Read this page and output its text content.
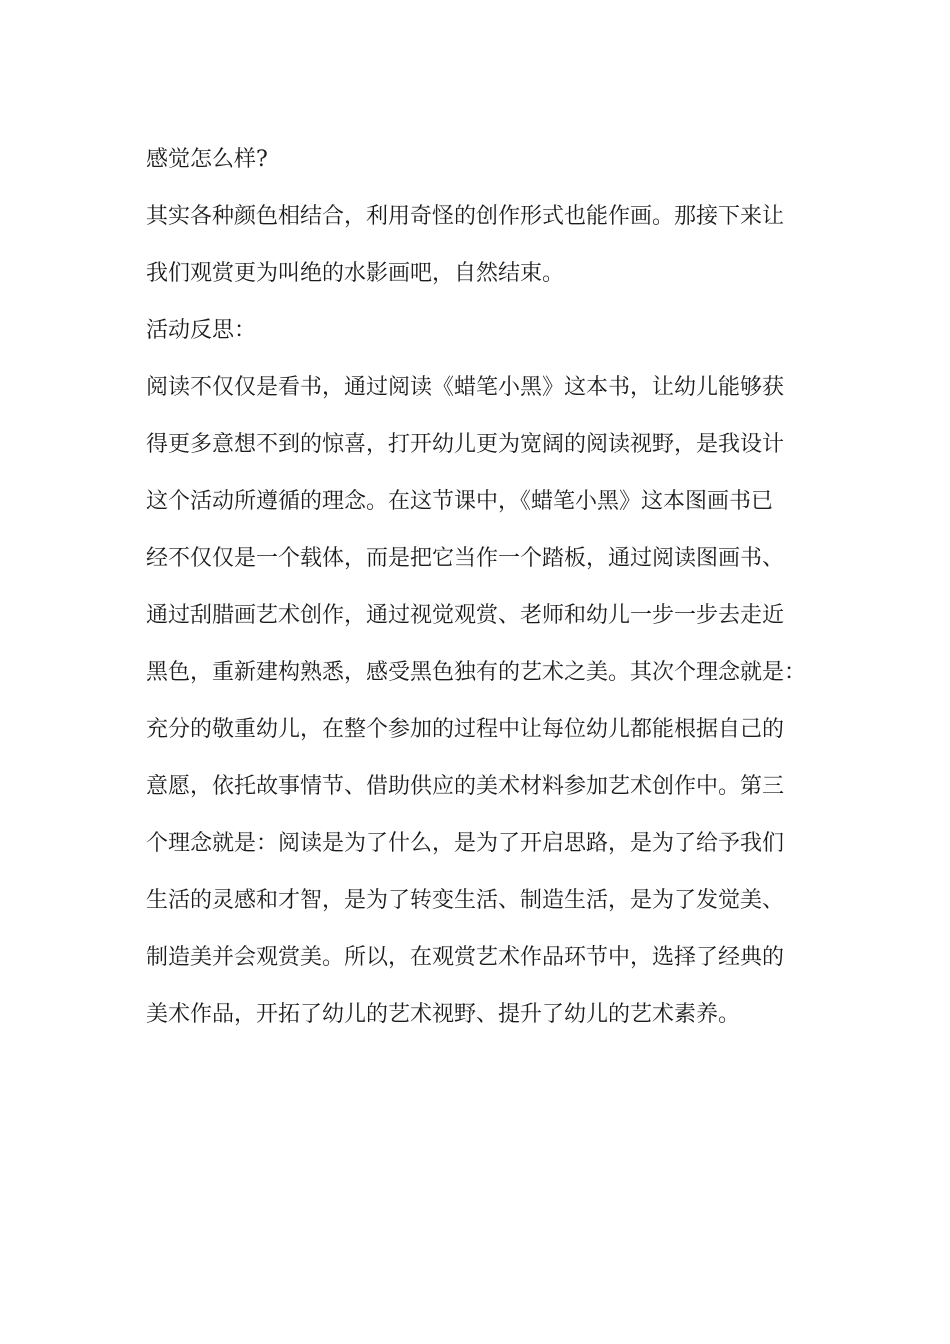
感觉怎么样?
其实各种颜色相结合，利用奇怪的创作形式也能作画。那接下来让
我们观赏更为叫绝的水影画吧，自然结束。
活动反思：
阅读不仅仅是看书，通过阅读《蜡笔小黑》这本书，让幼儿能够获
得更多意想不到的惊喜，打开幼儿更为宽阔的阅读视野，是我设计
这个活动所遵循的理念。在这节课中，《蜡笔小黑》这本图画书已
经不仅仅是一个载体，而是把它当作一个踏板，通过阅读图画书、
通过刮腊画艺术创作，通过视觉观赏、老师和幼儿一步一步去走近
黑色，重新建构熟悉，感受黑色独有的艺术之美。其次个理念就是：
充分的敬重幼儿，在整个参加的过程中让每位幼儿都能根据自己的
意愿，依托故事情节、借助供应的美术材料参加艺术创作中。第三
个理念就是：阅读是为了什么，是为了开启思路，是为了给予我们
生活的灵感和才智，是为了转变生活、制造生活，是为了发觉美、
制造美并会观赏美。所以，在观赏艺术作品环节中，选择了经典的
美术作品，开拓了幼儿的艺术视野、提升了幼儿的艺术素养。
